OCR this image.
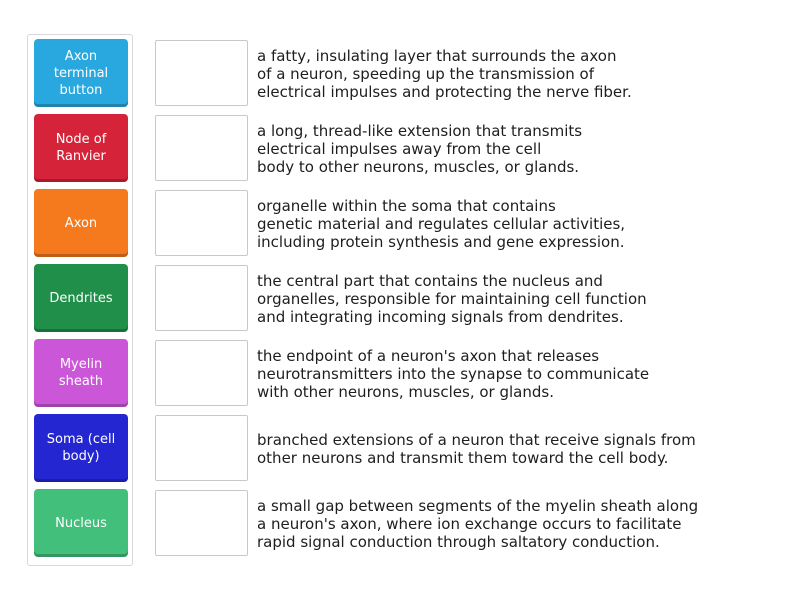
Axon terminal button
Node of Ranvier
Axon
Dendrites
Myelin sheath
Soma (cell body)
Nucleus
a fatty, insulating layer that surrounds the axon
of a neuron, speeding up the transmission of
electrical impulses and protecting the nerve fiber.
a long, thread-like extension that transmits
electrical impulses away from the cell
body to other neurons, muscles, or glands.
organelle within the soma that contains
genetic material and regulates cellular activities,
including protein synthesis and gene expression.
the central part that contains the nucleus and
organelles, responsible for maintaining cell function
and integrating incoming signals from dendrites.
the endpoint of a neuron's axon that releases
neurotransmitters into the synapse to communicate
with other neurons, muscles, or glands.
branched extensions of a neuron that receive signals from
other neurons and transmit them toward the cell body.
a small gap between segments of the myelin sheath along
a neuron's axon, where ion exchange occurs to facilitate
rapid signal conduction through saltatory conduction.
